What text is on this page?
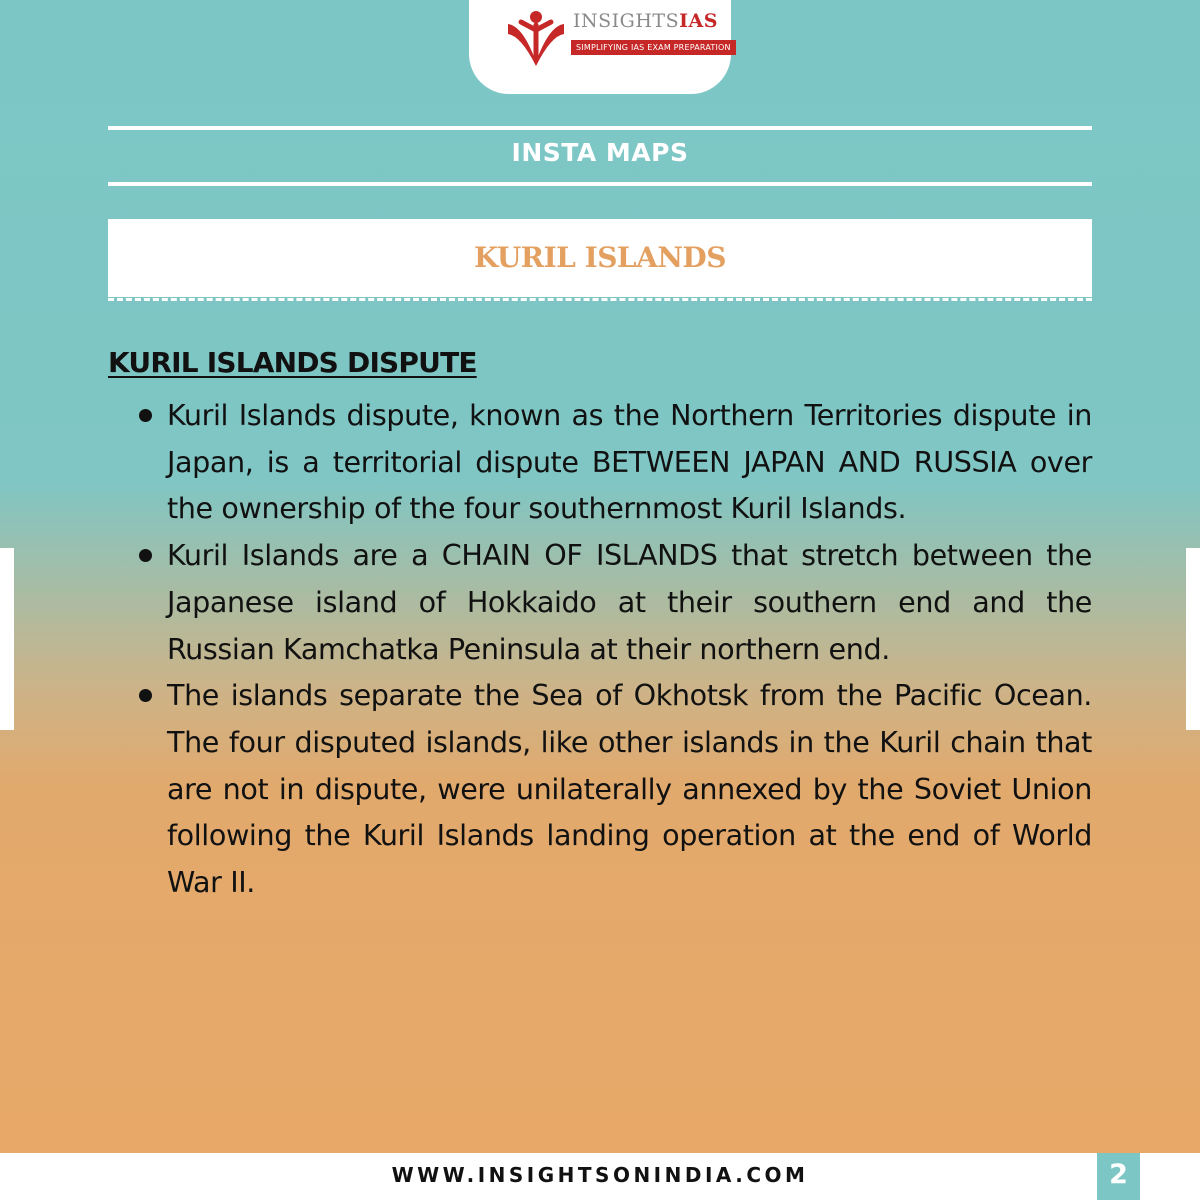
INSIGHTSIAS
SIMPLIFYING IAS EXAM PREPARATION
INSTA MAPS
KURIL ISLANDS
KURIL ISLANDS DISPUTE
Kuril Islands dispute, known as the Northern Territories dispute in Japan, is a territorial dispute BETWEEN JAPAN AND RUSSIA over the ownership of the four southernmost Kuril Islands.
Kuril Islands are a CHAIN OF ISLANDS that stretch between the Japanese island of Hokkaido at their southern end and the Russian Kamchatka Peninsula at their northern end.
The islands separate the Sea of Okhotsk from the Pacific Ocean. The four disputed islands, like other islands in the Kuril chain that are not in dispute, were unilaterally annexed by the Soviet Union following the Kuril Islands landing operation at the end of World War II.
WWW.INSIGHTSONINDIA.COM	2
